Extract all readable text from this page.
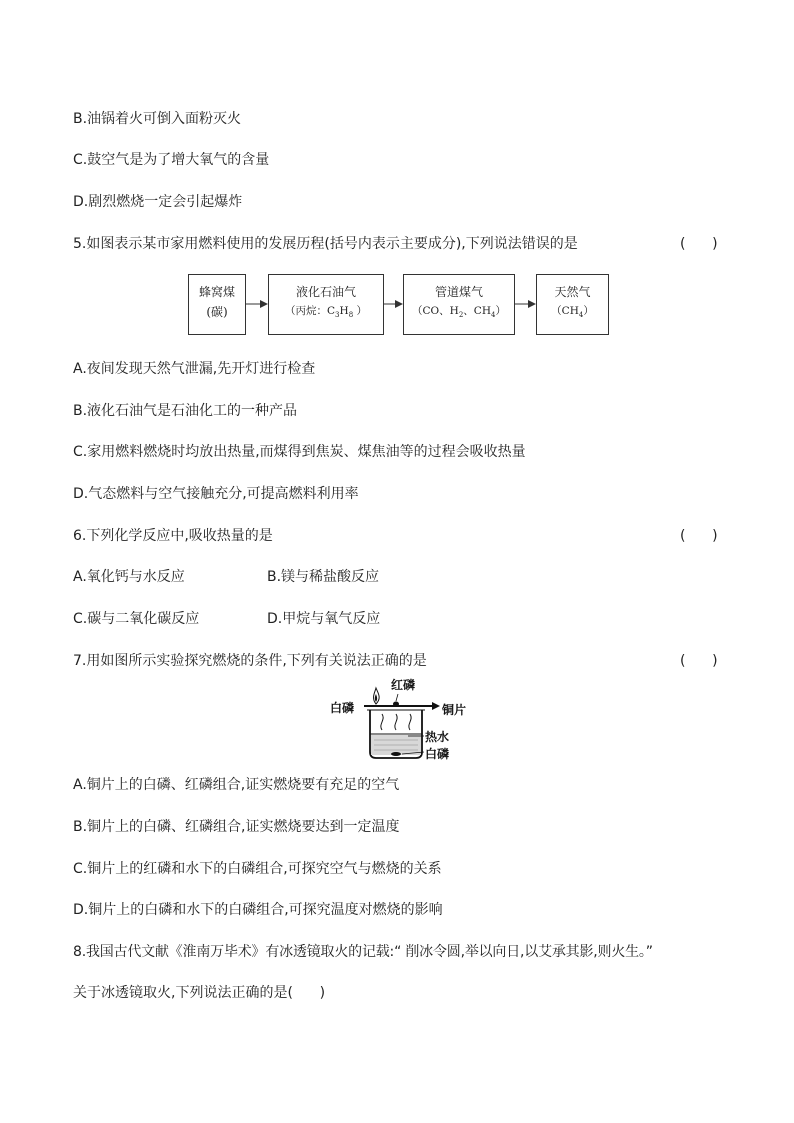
B.油锅着火可倒入面粉灭火
C.鼓空气是为了增大氧气的含量
D.剧烈燃烧一定会引起爆炸
5.如图表示某市家用燃料使用的发展历程(括号内表示主要成分),下列说法错误的是	(      )
蜂窝煤
(碳)
液化石油气
（丙烷：$C_3H_8$ ）
管道煤气
（CO、$H_2$、$CH_4$）
天然气
$(CH_4)$
A.夜间发现天然气泄漏,先开灯进行检查
B.液化石油气是石油化工的一种产品
C.家用燃料燃烧时均放出热量,而煤得到焦炭、煤焦油等的过程会吸收热量
D.气态燃料与空气接触充分,可提高燃料利用率
6.下列化学反应中,吸收热量的是	(      )
A.氧化钙与水反应	B.镁与稀盐酸反应
C.碳与二氧化碳反应	D.甲烷与氧气反应
7.用如图所示实验探究燃烧的条件,下列有关说法正确的是	(      )
红磷
白磷	铜片
热水
白磷
A.铜片上的白磷、红磷组合,证实燃烧要有充足的空气
B.铜片上的白磷、红磷组合,证实燃烧要达到一定温度
C.铜片上的红磷和水下的白磷组合,可探究空气与燃烧的关系
D.铜片上的白磷和水下的白磷组合,可探究温度对燃烧的影响
8.我国古代文献《淮南万毕术》有冰透镜取火的记载:“ 削冰令圆,举以向日,以艾承其影,则火生。”
关于冰透镜取火,下列说法正确的是(      )
